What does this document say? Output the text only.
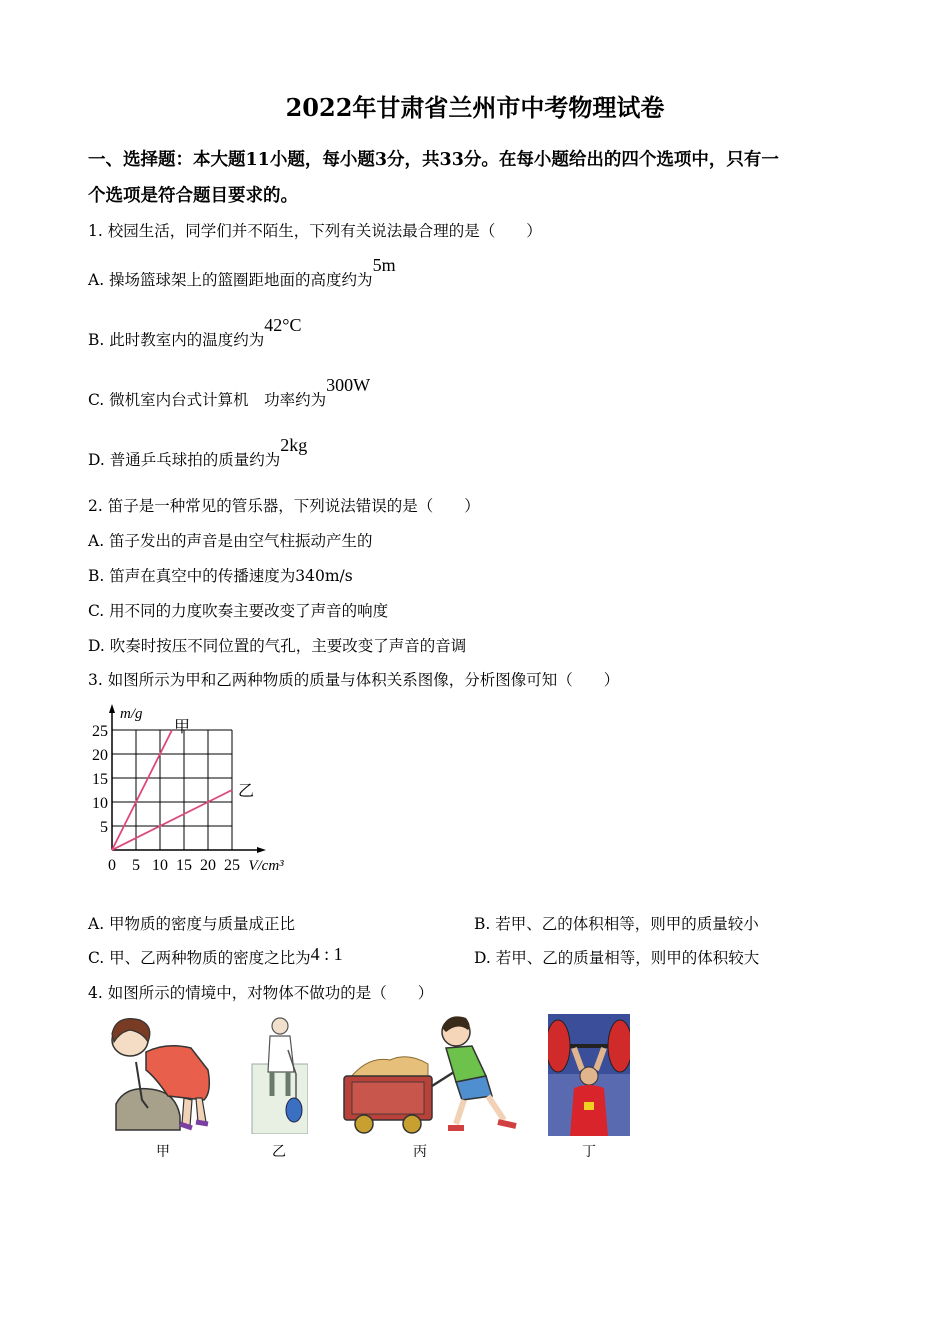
2022年甘肃省兰州市中考物理试卷
一、选择题：本大题11小题，每小题3分，共33分。在每小题给出的四个选项中，只有一
个选项是符合题目要求的。
1. 校园生活，同学们并不陌生，下列有关说法最合理的是（　　）
A. 操场篮球架上的篮圈距地面的高度约为5m
B. 此时教室内的温度约为42°C
C. 微机室内台式计算机　功率约为300W
D. 普通乒乓球拍的质量约为2kg
2. 笛子是一种常见的管乐器，下列说法错误的是（　　）
A. 笛子发出的声音是由空气柱振动产生的
B. 笛声在真空中的传播速度为340m/s
C. 用不同的力度吹奏主要改变了声音的响度
D. 吹奏时按压不同位置的气孔，主要改变了声音的音调
3. 如图所示为甲和乙两种物质的质量与体积关系图像，分析图像可知（　　）
甲
乙
0 5 10 15 20 25
5
10
15
20
25
V/cm³
m/g
A. 甲物质的密度与质量成正比	B. 若甲、乙的体积相等，则甲的质量较小
C. 甲、乙两种物质的密度之比为4 : 1	D. 若甲、乙的质量相等，则甲的体积较大
4. 如图所示的情境中，对物体不做功的是（　　）
甲	乙	丙	丁
